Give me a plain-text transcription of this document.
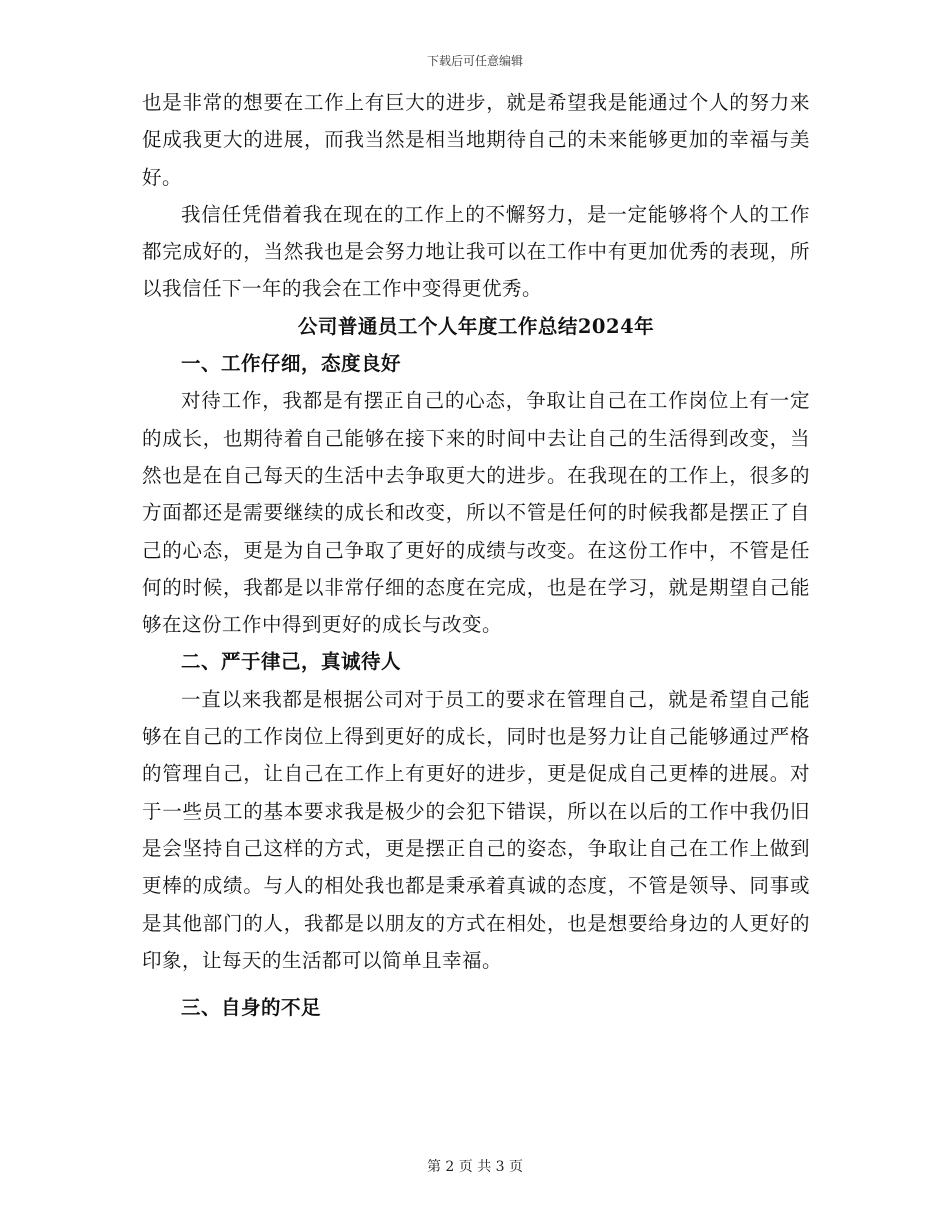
下载后可任意编辑

也是非常的想要在工作上有巨大的进步，就是希望我是能通过个人的努力来促成我更大的进展，而我当然是相当地期待自己的未来能够更加的幸福与美好。

我信任凭借着我在现在的工作上的不懈努力，是一定能够将个人的工作都完成好的，当然我也是会努力地让我可以在工作中有更加优秀的表现，所以我信任下一年的我会在工作中变得更优秀。

公司普通员工个人年度工作总结2024年

一、工作仔细，态度良好

对待工作，我都是有摆正自己的心态，争取让自己在工作岗位上有一定的成长，也期待着自己能够在接下来的时间中去让自己的生活得到改变，当然也是在自己每天的生活中去争取更大的进步。在我现在的工作上，很多的方面都还是需要继续的成长和改变，所以不管是任何的时候我都是摆正了自己的心态，更是为自己争取了更好的成绩与改变。在这份工作中，不管是任何的时候，我都是以非常仔细的态度在完成，也是在学习，就是期望自己能够在这份工作中得到更好的成长与改变。

二、严于律己，真诚待人

一直以来我都是根据公司对于员工的要求在管理自己，就是希望自己能够在自己的工作岗位上得到更好的成长，同时也是努力让自己能够通过严格的管理自己，让自己在工作上有更好的进步，更是促成自己更棒的进展。对于一些员工的基本要求我是极少的会犯下错误，所以在以后的工作中我仍旧是会坚持自己这样的方式，更是摆正自己的姿态，争取让自己在工作上做到更棒的成绩。与人的相处我也都是秉承着真诚的态度，不管是领导、同事或是其他部门的人，我都是以朋友的方式在相处，也是想要给身边的人更好的印象，让每天的生活都可以简单且幸福。

三、自身的不足

第 2 页 共 3 页
